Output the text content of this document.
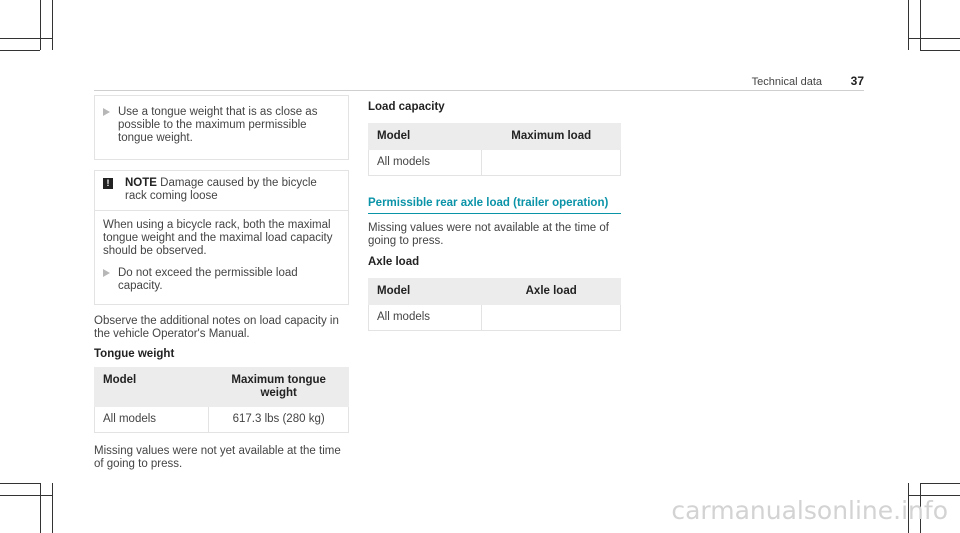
Technical data 37

Use a tongue weight that is as close as

possible to the maximum permissible

tongue weight.

!	NOTE Damage caused by the bicycle

rack coming loose

When using a bicycle rack, both the maximal

tongue weight and the maximal load capacity

should be observed.

Do not exceed the permissible load

capacity.

Observe the additional notes on load capacity in

the vehicle Operator's Manual.

Tongue weight

Model	Maximum tongue weight
All models	617.3 lbs (280 kg)

Missing values were not yet available at the time

of going to press.

Load capacity

Model	Maximum load
All models	

Permissible rear axle load (trailer operation)

Missing values were not available at the time of

going to press.

Axle load

Model	Axle load
All models	
carmanualsonline.info
